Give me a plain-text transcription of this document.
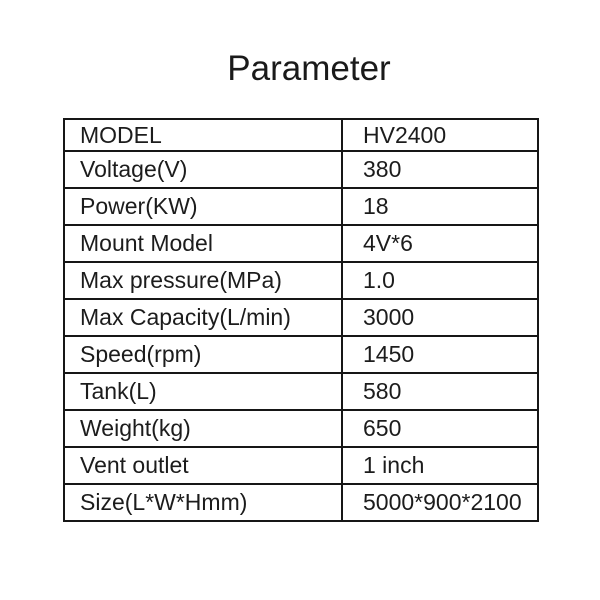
Parameter
MODEL	HV2400
Voltage(V)	380
Power(KW)	18
Mount Model	4V*6
Max pressure(MPa)	1.0
Max Capacity(L/min)	3000
Speed(rpm)	1450
Tank(L)	580
Weight(kg)	650
Vent outlet	1 inch
Size(L*W*Hmm)	5000*900*2100
